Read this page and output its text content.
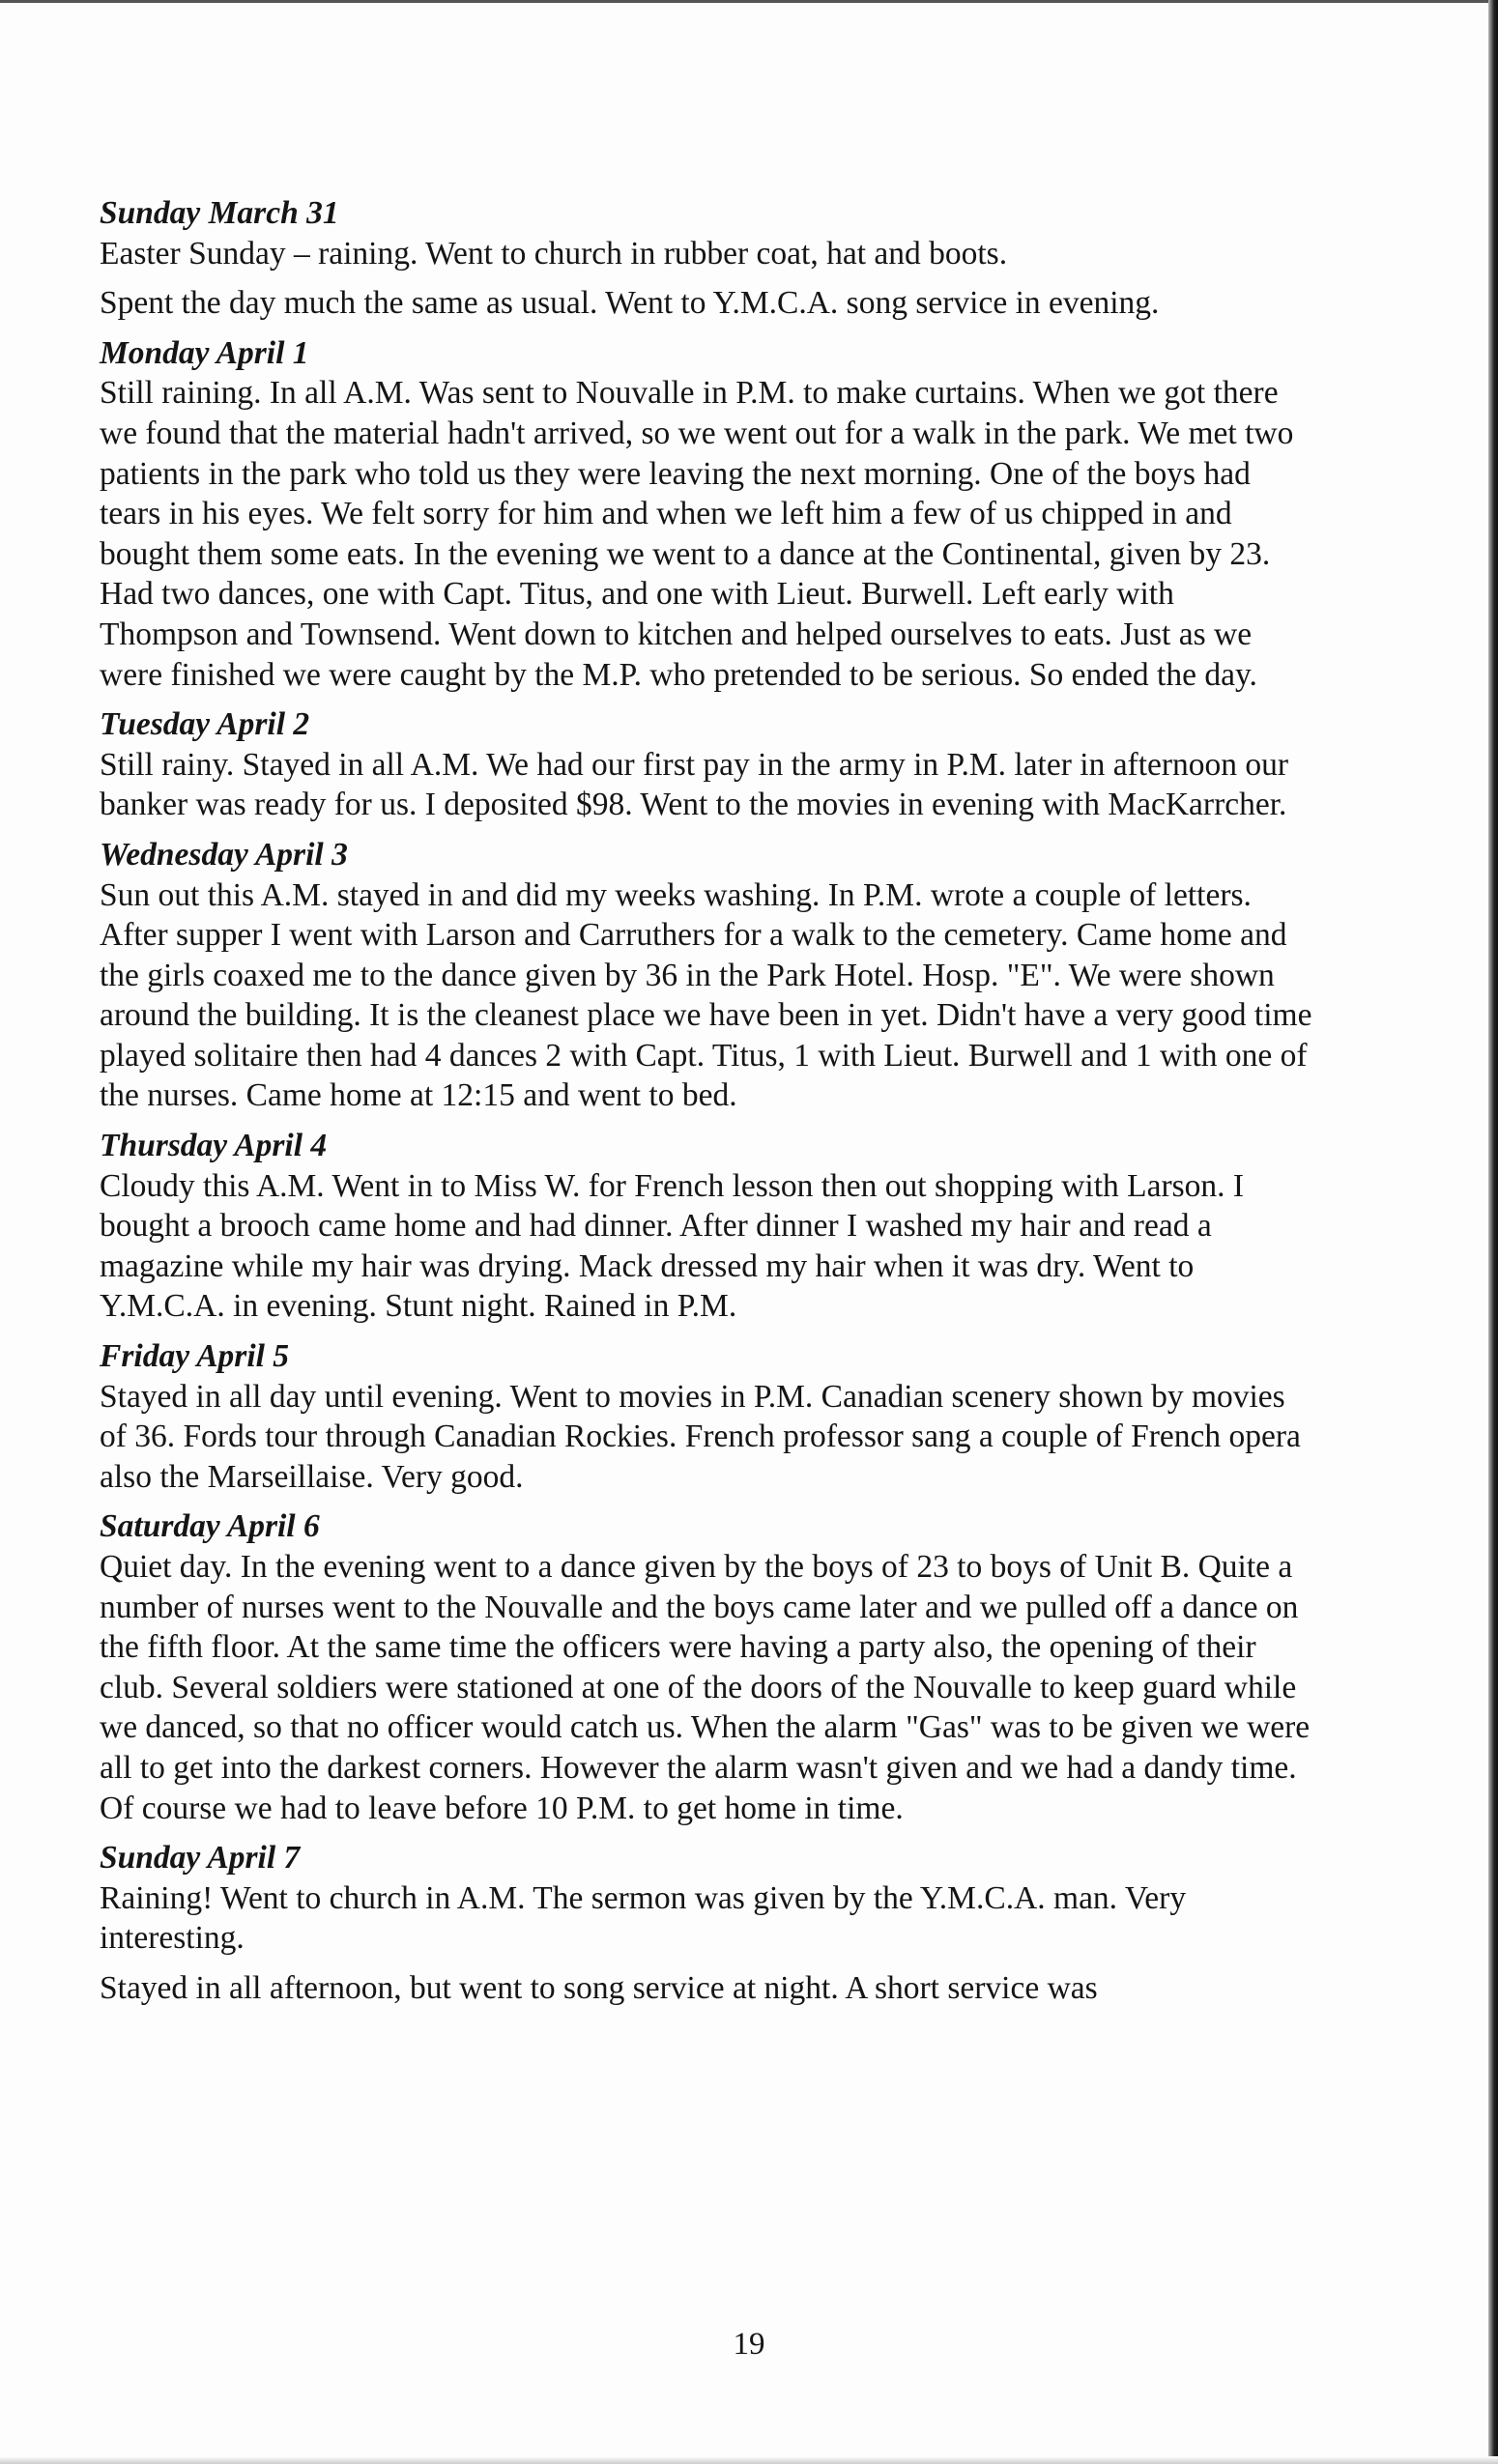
Sunday March 31

Easter Sunday – raining. Went to church in rubber coat, hat and boots.

Spent the day much the same as usual. Went to Y.M.C.A. song service in evening.

Monday April 1

Still raining. In all A.M. Was sent to Nouvalle in P.M. to make curtains. When we got there we found that the material hadn't arrived, so we went out for a walk in the park. We met two patients in the park who told us they were leaving the next morning. One of the boys had tears in his eyes. We felt sorry for him and when we left him a few of us chipped in and bought them some eats. In the evening we went to a dance at the Continental, given by 23. Had two dances, one with Capt. Titus, and one with Lieut. Burwell. Left early with Thompson and Townsend. Went down to kitchen and helped ourselves to eats. Just as we were finished we were caught by the M.P. who pretended to be serious. So ended the day.

Tuesday April 2

Still rainy. Stayed in all A.M. We had our first pay in the army in P.M. later in afternoon our banker was ready for us. I deposited $98. Went to the movies in evening with MacKarrcher.

Wednesday April 3

Sun out this A.M. stayed in and did my weeks washing. In P.M. wrote a couple of letters. After supper I went with Larson and Carruthers for a walk to the cemetery. Came home and the girls coaxed me to the dance given by 36 in the Park Hotel. Hosp. "E". We were shown around the building. It is the cleanest place we have been in yet. Didn't have a very good time played solitaire then had 4 dances 2 with Capt. Titus, 1 with Lieut. Burwell and 1 with one of the nurses. Came home at 12:15 and went to bed.

Thursday April 4

Cloudy this A.M. Went in to Miss W. for French lesson then out shopping with Larson. I bought a brooch came home and had dinner. After dinner I washed my hair and read a magazine while my hair was drying. Mack dressed my hair when it was dry. Went to Y.M.C.A. in evening. Stunt night. Rained in P.M.

Friday April 5

Stayed in all day until evening. Went to movies in P.M. Canadian scenery shown by movies of 36. Fords tour through Canadian Rockies. French professor sang a couple of French opera also the Marseillaise. Very good.

Saturday April 6

Quiet day. In the evening went to a dance given by the boys of 23 to boys of Unit B. Quite a number of nurses went to the Nouvalle and the boys came later and we pulled off a dance on the fifth floor. At the same time the officers were having a party also, the opening of their club. Several soldiers were stationed at one of the doors of the Nouvalle to keep guard while we danced, so that no officer would catch us. When the alarm "Gas" was to be given we were all to get into the darkest corners. However the alarm wasn't given and we had a dandy time. Of course we had to leave before 10 P.M. to get home in time.

Sunday April 7

Raining! Went to church in A.M. The sermon was given by the Y.M.C.A. man. Very interesting.

Stayed in all afternoon, but went to song service at night. A short service was

19
